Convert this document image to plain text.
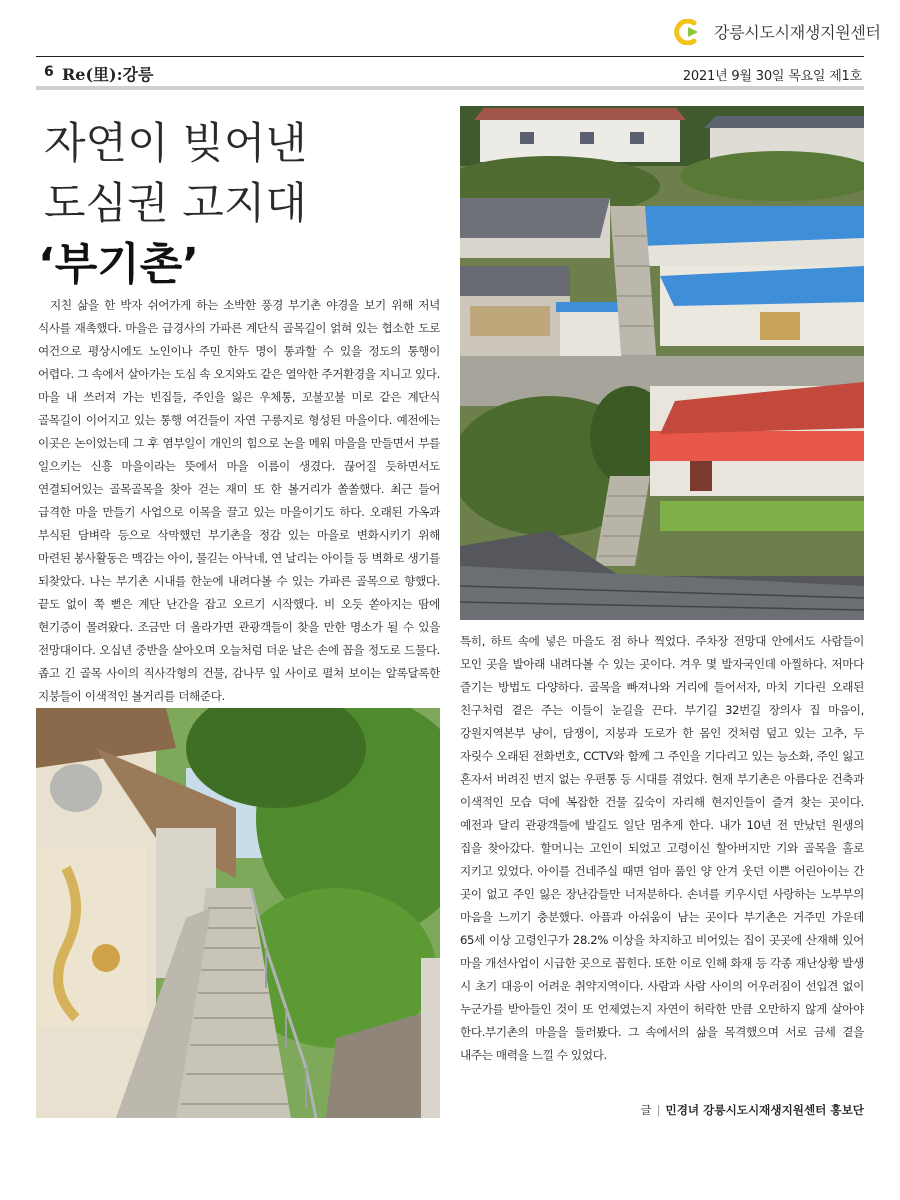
강릉시도시재생지원센터
6 Re(里):강릉	2021년 9월 30일 목요일 제1호
자연이 빚어낸
도심권 고지대
‘부기촌’
지친 삶을 한 박자 쉬어가게 하는 소박한 풍경 부기촌 야경을 보기 위해 저녁 식사를 재촉했다. 마을은 급경사의 가파른 계단식 골목길이 얽혀 있는 협소한 도로 여건으로 평상시에도 노인이나 주민 한두 명이 통과할 수 있을 정도의 통행이 어렵다. 그 속에서 살아가는 도심 속 오지와도 같은 열악한 주거환경을 지니고 있다. 마을 내 쓰러져 가는 빈집들, 주인을 잃은 우체통, 꼬불꼬불 미로 같은 계단식 골목길이 이어지고 있는 통행 여건들이 자연 구릉지로 형성된 마을이다. 예전에는 이곳은 논이었는데 그 후 염부일이 개인의 힘으로 논을 메워 마을을 만들면서 부를 일으키는 신흥 마을이라는 뜻에서 마을 이름이 생겼다. 끊어질 듯하면서도 연결되어있는 골목골목을 찾아 걷는 재미 또 한 볼거리가 쏠쏠했다. 최근 들어 급격한 마을 만들기 사업으로 이목을 끌고 있는 마을이기도 하다. 오래된 가옥과 부식된 담벼락 등으로 삭막했던 부기촌을 정감 있는 마을로 변화시키기 위해 마련된 봉사활동은 맥감는 아이, 물긷는 아낙네, 연 날리는 아이들 등 벽화로 생기를 되찾았다. 나는 부기촌 시내를 한눈에 내려다볼 수 있는 가파른 골목으로 향했다. 끝도 없이 쭉 뻗은 계단 난간을 잡고 오르기 시작했다. 비 오듯 쏟아지는 땀에 현기증이 몰려왔다. 조금만 더 올라가면 관광객들이 찾을 만한 명소가 될 수 있을 전망대이다. 오십년 중반을 살아오며 오늘처럼 더운 날은 손에 꼽을 정도로 드물다. 좁고 긴 골목 사이의 직사각형의 건물, 감나무 잎 사이로 펼쳐 보이는 알록달록한 지붕들이 이색적인 볼거리를 더해준다.
특히, 하트 속에 넣은 마을도 점 하나 찍었다. 주차장 전망대 안에서도 사람들이 모인 곳을 발아래 내려다볼 수 있는 곳이다. 겨우 몇 발자국인데 아찔하다. 저마다 즐기는 방법도 다양하다. 골목을 빠져나와 거리에 들어서자, 마치 기다린 오래된 친구처럼 곁은 주는 이들이 눈길을 끈다. 부기길 32번길 장의사 집 마음이, 강원지역본부 냥이, 담쟁이, 지붕과 도로가 한 몸인 것처럼 덮고 있는 고추, 두 자릿수 오래된 전화번호, CCTV와 함께 그 주인을 기다리고 있는 능소화, 주인 잃고 혼자서 버려진 번지 없는 우편통 등 시대를 겪었다. 현재 부기촌은 아름다운 건축과 이색적인 모습 덕에 복잡한 건물 깊숙이 자리해 현지인들이 즐겨 찾는 곳이다. 예전과 달리 관광객들에 발길도 일단 멈추게 한다. 내가 10년 전 만났던 원생의 집을 찾아갔다. 할머니는 고인이 되었고 고령이신 할아버지만 기와 골목을 홀로 지키고 있었다. 아이를 건네주실 때면 엄마 품인 양 안겨 웃던 이쁜 어린아이는 간 곳이 없고 주인 잃은 장난감들만 너저분하다. 손녀를 키우시던 사랑하는 노부부의 마음을 느끼기 충분했다. 아픔과 아쉬움이 남는 곳이다 부기촌은 거주민 가운데 65세 이상 고령인구가 28.2% 이상을 차지하고 비어있는 집이 곳곳에 산재해 있어 마을 개선사업이 시급한 곳으로 꼽힌다. 또한 이로 인해 화재 등 각종 재난상황 발생 시 초기 대응이 어려운 취약지역이다. 사람과 사람 사이의 어우러짐이 선입견 없이 누군가를 받아들인 것이 또 언제였는지 자연이 허락한 만큼 오만하지 않게 살아야 한다.부기촌의 마을을 둘러봤다. 그 속에서의 삶을 목격했으며 서로 금세 곁을 내주는 매력을 느낄 수 있었다.
글 | 민경녀 강릉시도시재생지원센터 홍보단
